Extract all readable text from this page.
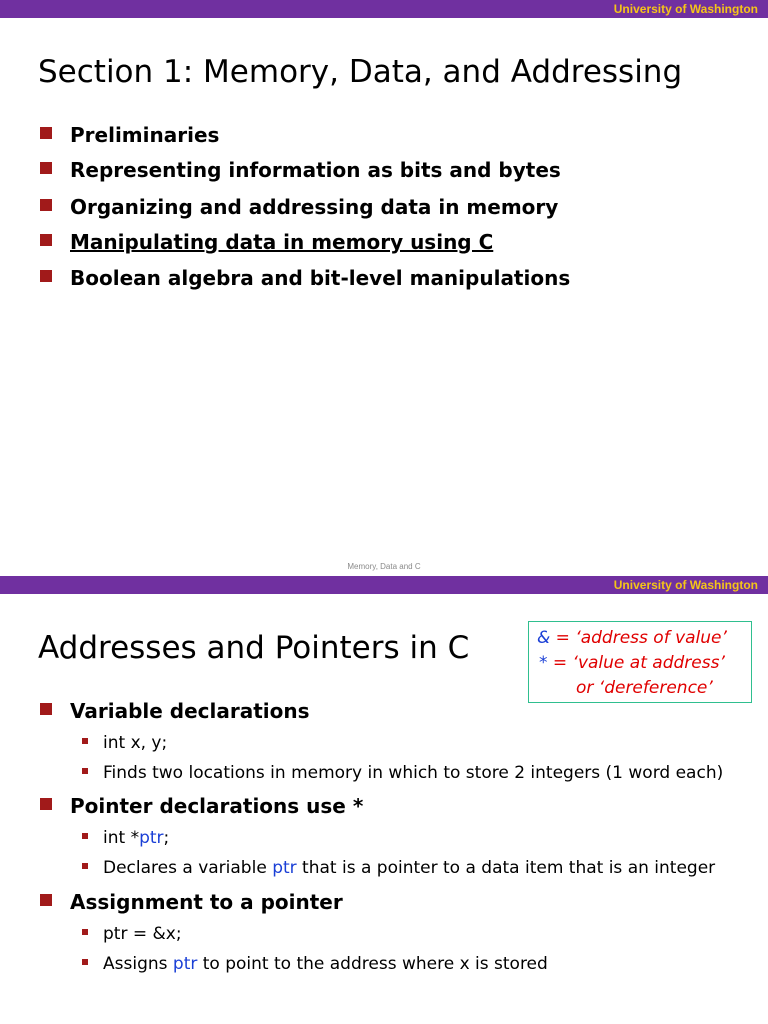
University of Washington
Section 1: Memory, Data, and Addressing
Preliminaries
Representing information as bits and bytes
Organizing and addressing data in memory
Manipulating data in memory using C
Boolean algebra and bit-level manipulations
Memory, Data and C
University of Washington
Addresses and Pointers in C	& = ‘address of value’
* = ‘value at address’
or ‘dereference’
Variable declarations
int x, y;
Finds two locations in memory in which to store 2 integers (1 word each)
Pointer declarations use *
int *ptr;
Declares a variable ptr that is a pointer to a data item that is an integer
Assignment to a pointer
ptr = &x;
Assigns ptr to point to the address where x is stored
